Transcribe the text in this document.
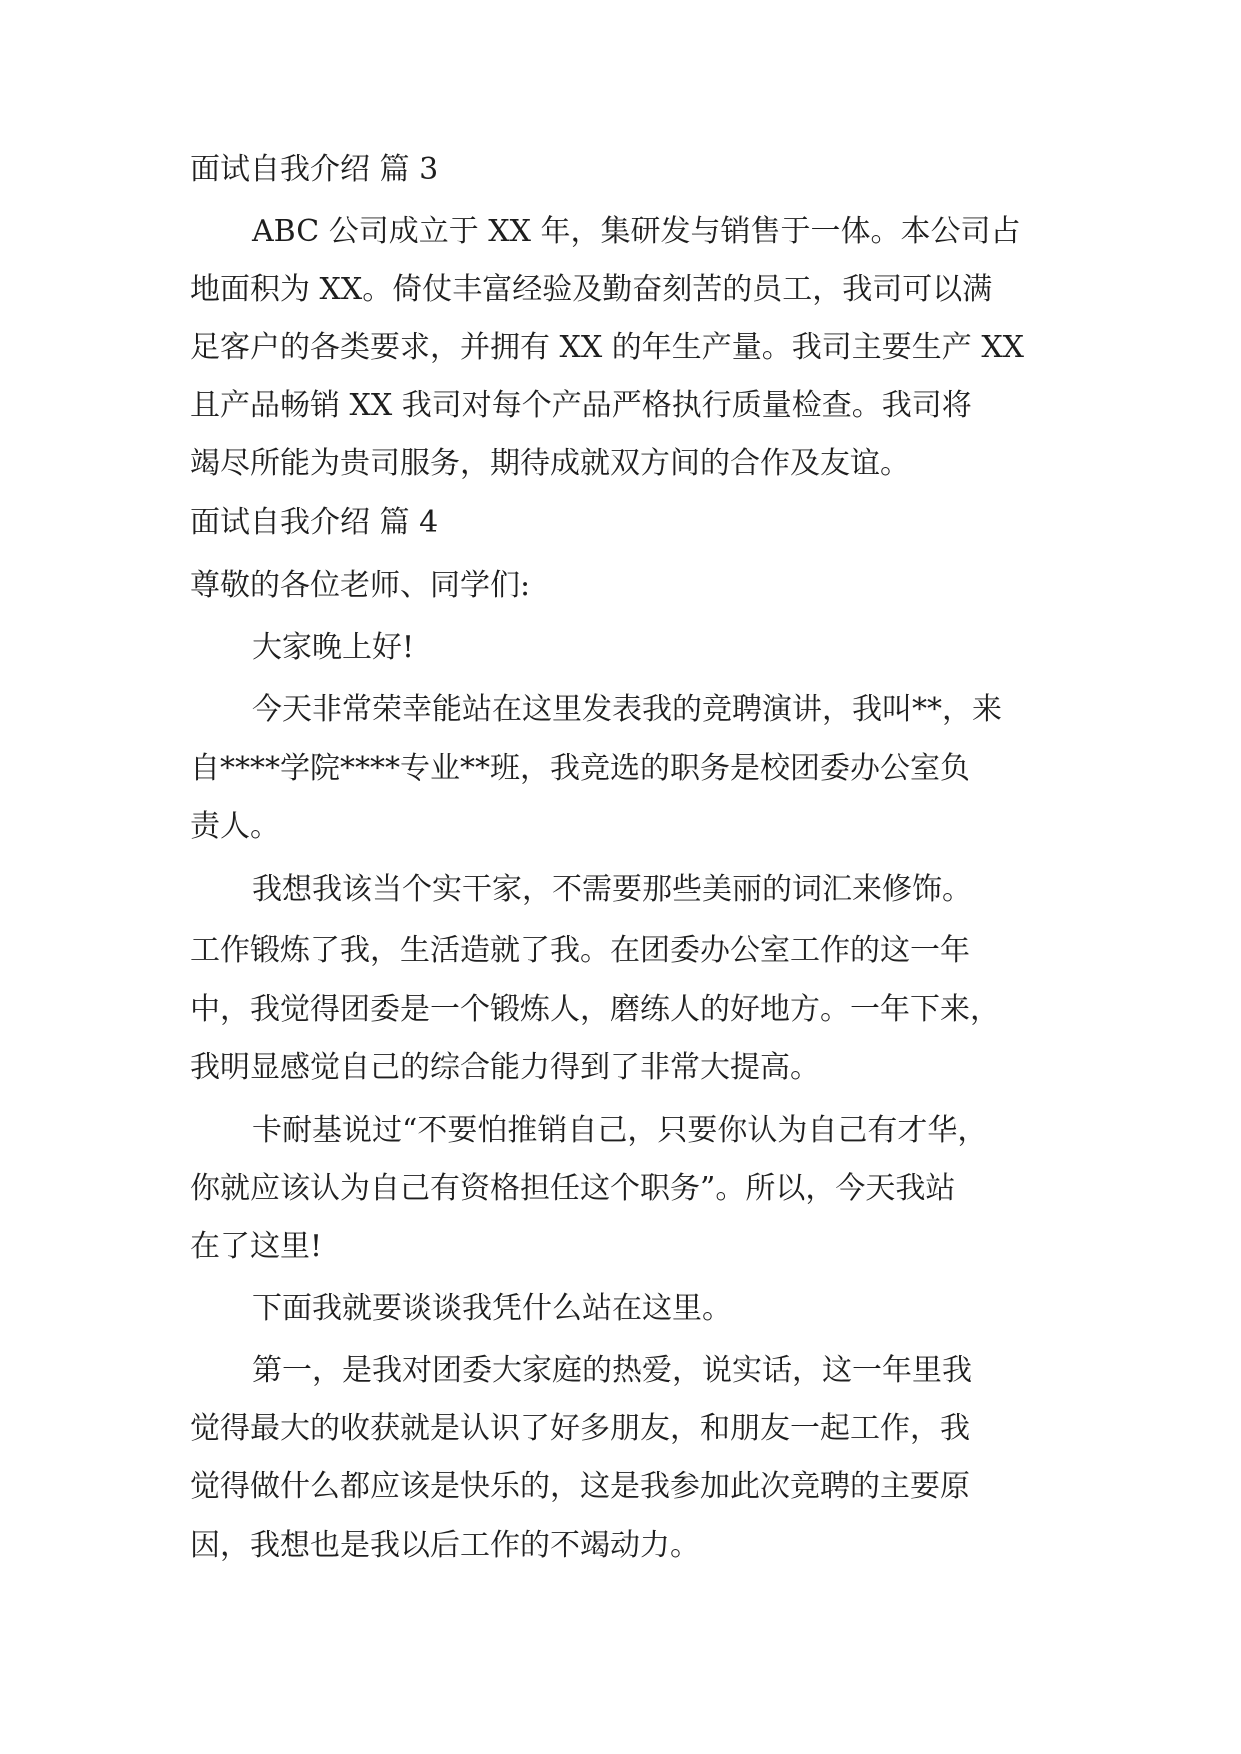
面试自我介绍 篇 3

ABC 公司成立于 XX 年，集研发与销售于一体。本公司占

地面积为 XX。倚仗丰富经验及勤奋刻苦的员工，我司可以满

足客户的各类要求，并拥有 XX 的年生产量。我司主要生产 XX

且产品畅销 XX 我司对每个产品严格执行质量检查。我司将

竭尽所能为贵司服务，期待成就双方间的合作及友谊。

面试自我介绍 篇 4

尊敬的各位老师、同学们:

大家晚上好!

今天非常荣幸能站在这里发表我的竞聘演讲，我叫**，来

自****学院****专业**班，我竞选的职务是校团委办公室负

责人。

我想我该当个实干家，不需要那些美丽的词汇来修饰。

工作锻炼了我，生活造就了我。在团委办公室工作的这一年

中，我觉得团委是一个锻炼人，磨练人的好地方。一年下来，

我明显感觉自己的综合能力得到了非常大提高。

卡耐基说过“不要怕推销自己，只要你认为自己有才华，

你就应该认为自己有资格担任这个职务”。所以，今天我站

在了这里!

下面我就要谈谈我凭什么站在这里。

第一，是我对团委大家庭的热爱，说实话，这一年里我

觉得最大的收获就是认识了好多朋友，和朋友一起工作，我

觉得做什么都应该是快乐的，这是我参加此次竞聘的主要原

因，我想也是我以后工作的不竭动力。
